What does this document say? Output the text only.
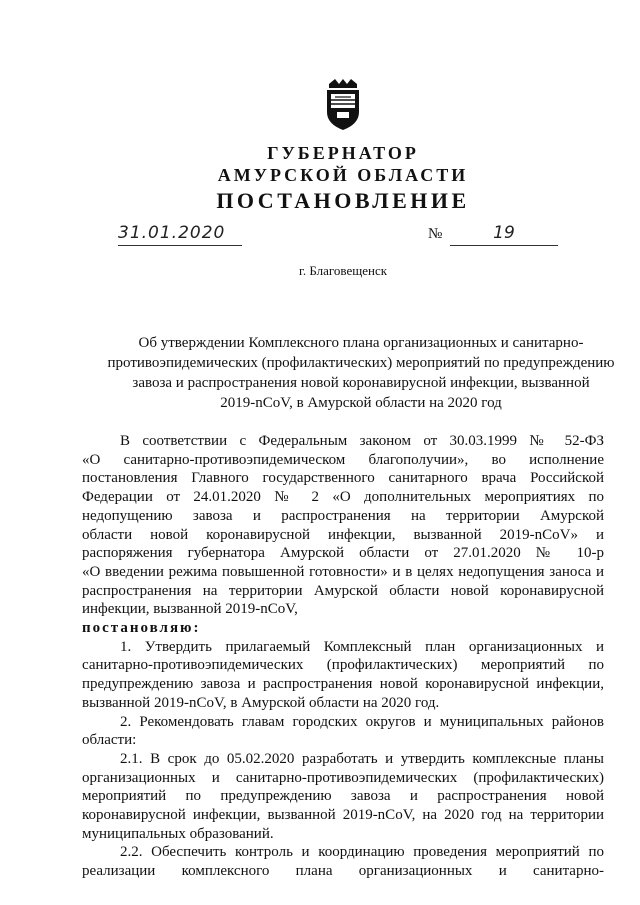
ГУБЕРНАТОР
АМУРСКОЙ ОБЛАСТИ
ПОСТАНОВЛЕНИЕ
31.01.2020	№	19
г. Благовещенск
Об утверждении Комплексного плана организационных и санитарно-
противоэпидемических (профилактических) мероприятий по предупреждению
завоза и распространения новой коронавирусной инфекции, вызванной
2019-nCoV, в Амурской области на 2020 год

В соответствии с Федеральным законом от 30.03.1999 № 52-ФЗ

«О санитарно-противоэпидемическом благополучии», во исполнение

постановления Главного государственного санитарного врача Российской

Федерации от 24.01.2020 № 2 «О дополнительных мероприятиях по

недопущению завоза и распространения на территории Амурской

области новой коронавирусной инфекции, вызванной 2019-nCoV» и

распоряжения губернатора Амурской области от 27.01.2020 № 10-р

«О введении режима повышенной готовности» и в целях недопущения заноса и

распространения на территории Амурской области новой коронавирусной

инфекции, вызванной 2019-nCoV,

постановляю:

1. Утвердить прилагаемый Комплексный план организационных и

санитарно-противоэпидемических (профилактических) мероприятий по

предупреждению завоза и распространения новой коронавирусной инфекции,

вызванной 2019-nCoV, в Амурской области на 2020 год.

2. Рекомендовать главам городских округов и муниципальных районов

области:

2.1. В срок до 05.02.2020 разработать и утвердить комплексные планы

организационных и санитарно-противоэпидемических (профилактических)

мероприятий по предупреждению завоза и распространения новой

коронавирусной инфекции, вызванной 2019-nCoV, на 2020 год на территории

муниципальных образований.

2.2. Обеспечить контроль и координацию проведения мероприятий по

реализации комплексного плана организационных и санитарно-
